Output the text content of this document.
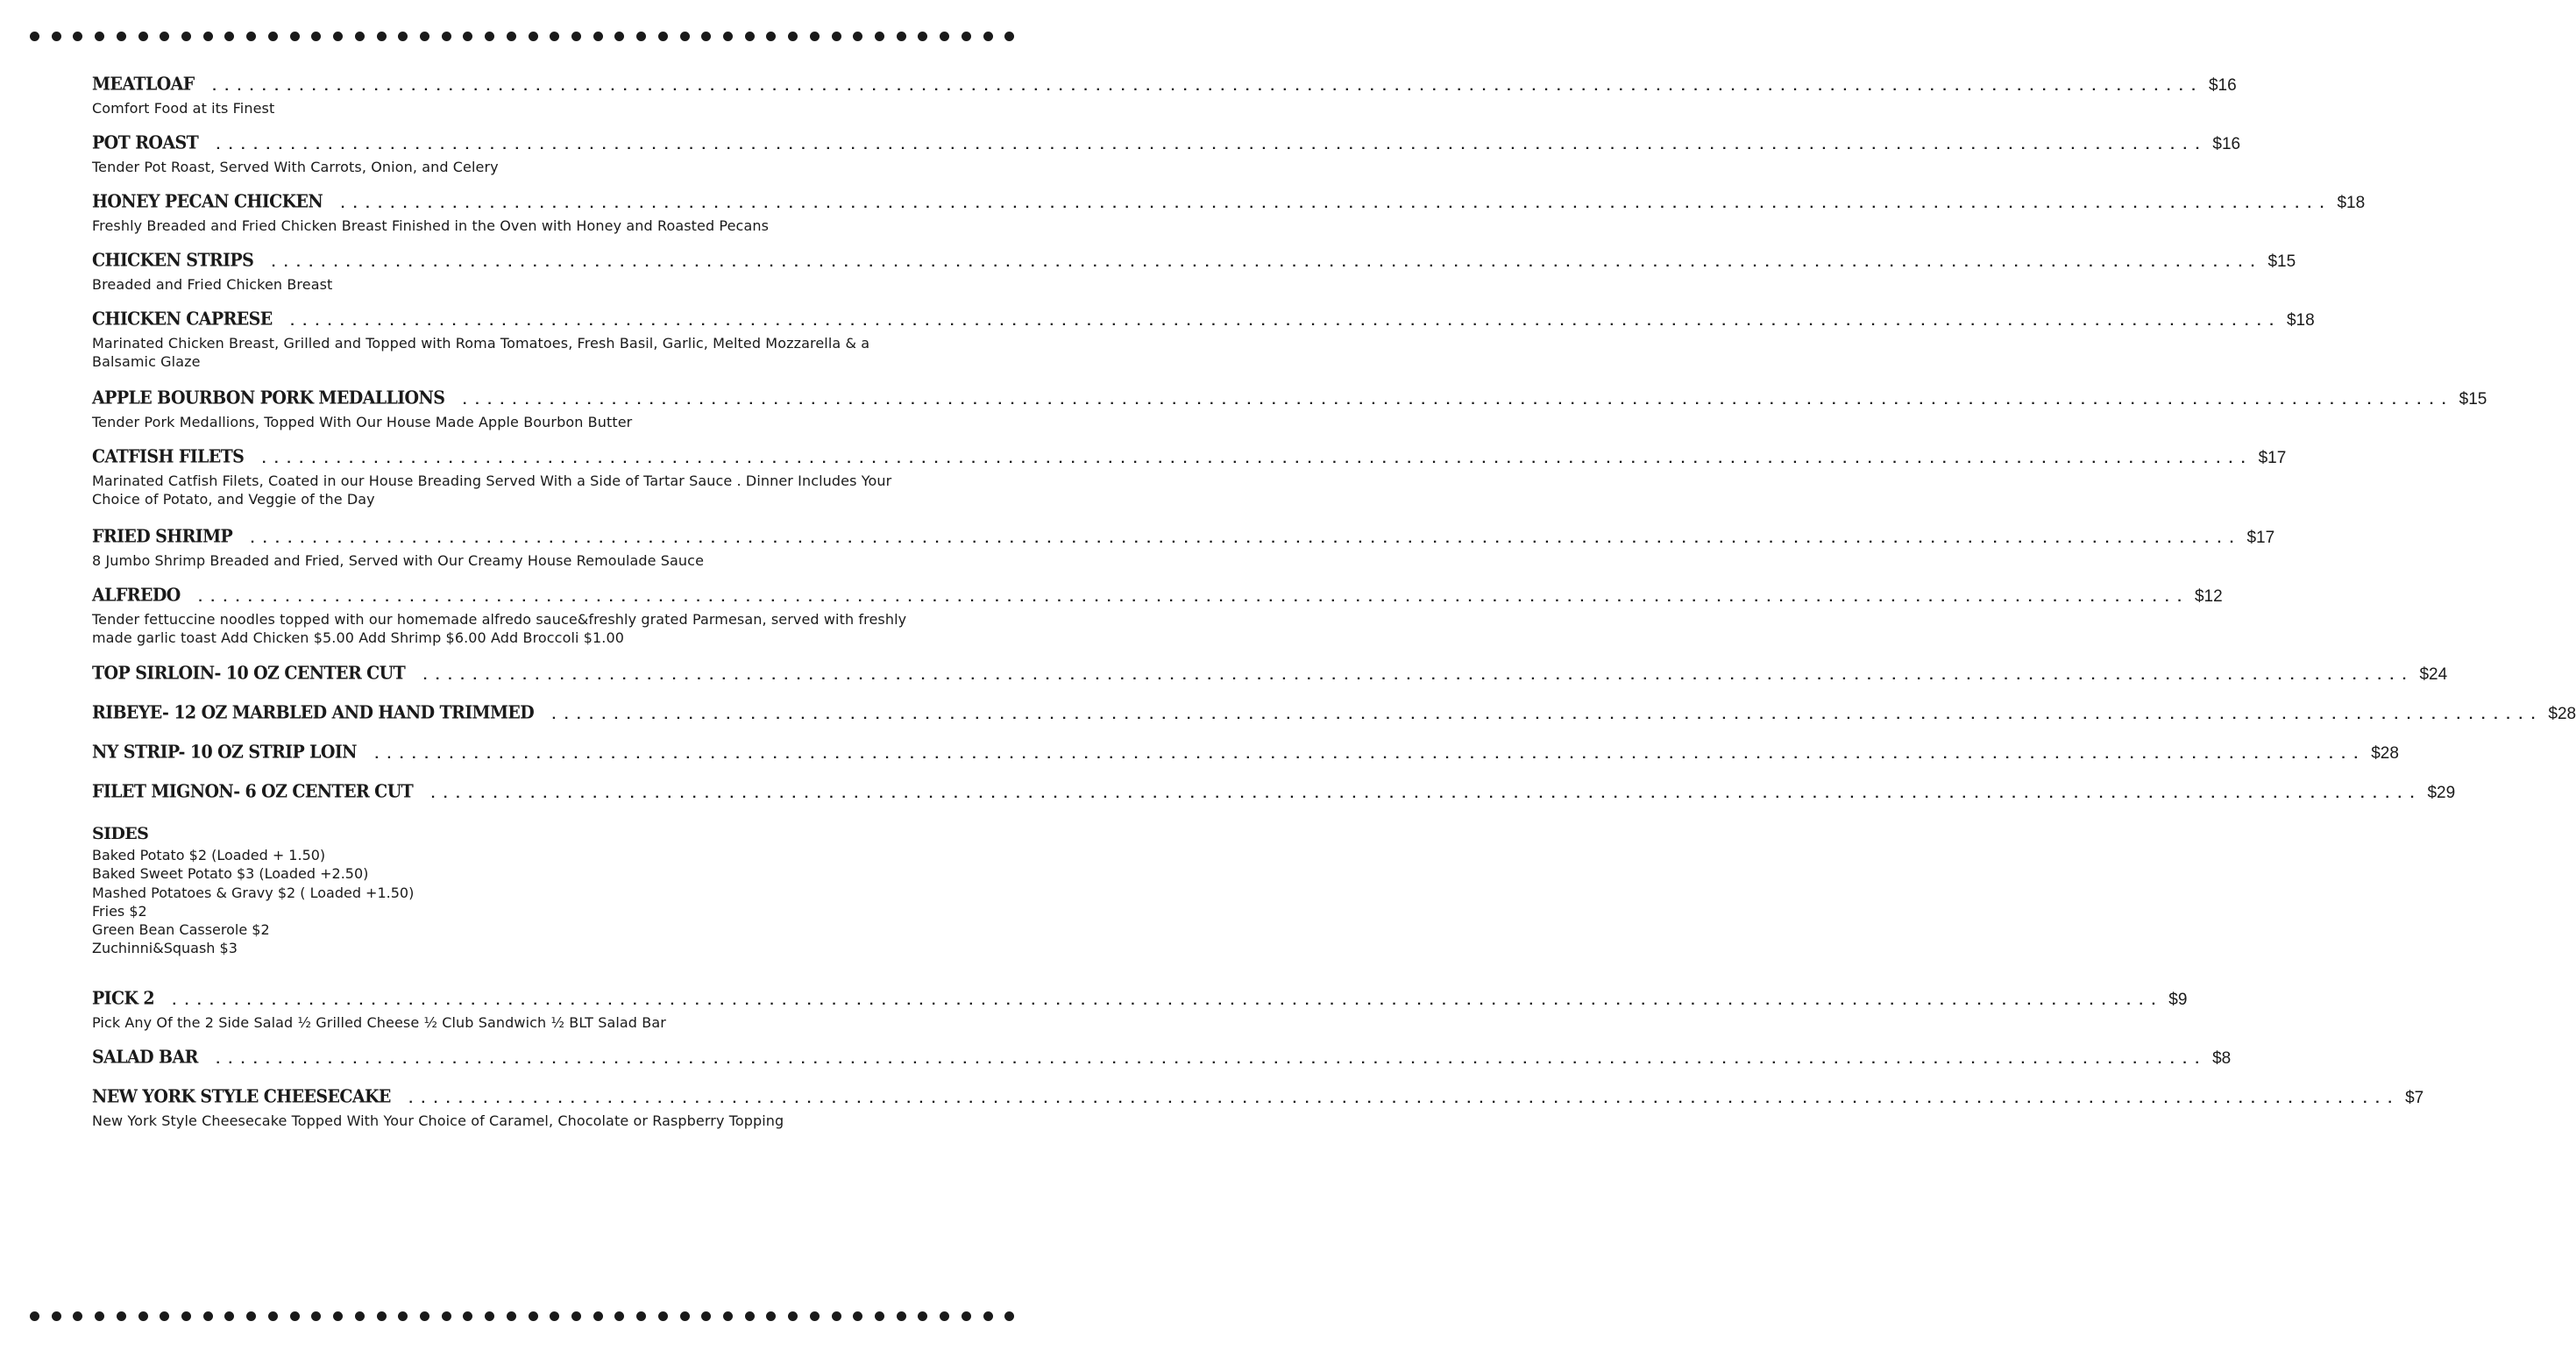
MEATLOAF ................................................................................................................................................................ $16
Comfort Food at its Finest
POT ROAST ................................................................................................................................................................ $16
Tender Pot Roast, Served With Carrots, Onion, and Celery
HONEY PECAN CHICKEN ................................................................................................................................................................ $18
Freshly Breaded and Fried Chicken Breast Finished in the Oven with Honey and Roasted Pecans
CHICKEN STRIPS ................................................................................................................................................................ $15
Breaded and Fried Chicken Breast
CHICKEN CAPRESE ................................................................................................................................................................ $18
Marinated Chicken Breast, Grilled and Topped with Roma Tomatoes, Fresh Basil, Garlic, Melted Mozzarella & a Balsamic Glaze
APPLE BOURBON PORK MEDALLIONS ................................................................................................................................................................ $15
Tender Pork Medallions, Topped With Our House Made Apple Bourbon Butter
CATFISH FILETS ................................................................................................................................................................ $17
Marinated Catfish Filets, Coated in our House Breading Served With a Side of Tartar Sauce . Dinner Includes Your Choice of Potato, and Veggie of the Day
FRIED SHRIMP ................................................................................................................................................................ $17
8 Jumbo Shrimp Breaded and Fried, Served with Our Creamy House Remoulade Sauce
ALFREDO ................................................................................................................................................................ $12
Tender fettuccine noodles topped with our homemade alfredo sauce&freshly grated Parmesan, served with freshly made garlic toast Add Chicken $5.00 Add Shrimp $6.00 Add Broccoli $1.00
TOP SIRLOIN- 10 OZ CENTER CUT ................................................................................................................................................................ $24
RIBEYE- 12 OZ MARBLED AND HAND TRIMMED ................................................................................................................................................................ $28
NY STRIP- 10 OZ STRIP LOIN ................................................................................................................................................................ $28
FILET MIGNON- 6 OZ CENTER CUT ................................................................................................................................................................ $29
SIDES
Baked Potato $2 (Loaded + 1.50)
Baked Sweet Potato $3 (Loaded +2.50)
Mashed Potatoes & Gravy $2 ( Loaded +1.50)
Fries $2
Green Bean Casserole $2
Zuchinni&Squash $3
PICK 2 ................................................................................................................................................................ $9
Pick Any Of the 2 Side Salad ½ Grilled Cheese ½ Club Sandwich ½ BLT Salad Bar
SALAD BAR ................................................................................................................................................................ $8
NEW YORK STYLE CHEESECAKE ................................................................................................................................................................ $7
New York Style Cheesecake Topped With Your Choice of Caramel, Chocolate or Raspberry Topping
